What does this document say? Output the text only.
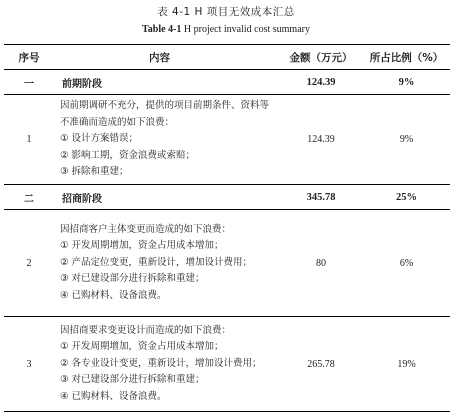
表 4-1 H 项目无效成本汇总
Table 4-1 H project invalid cost summary
序号	内容	金额（万元）	所占比例（%）
一	前期阶段	124.39	9%
1	因前期调研不充分，提供的项目前期条件、资料等不准确而造成的如下浪费：
① 设计方案错误；
② 影响工期，资金浪费或索赔；
③ 拆除和重建；	124.39	9%
二	招商阶段	345.78	25%
2	因招商客户主体变更而造成的如下浪费：
① 开发周期增加，资金占用成本增加；
② 产品定位变更，重新设计，增加设计费用；
③ 对已建设部分进行拆除和重建；
④ 已购材料、设备浪费。	80	6%
3	因招商要求变更设计而造成的如下浪费：
① 开发周期增加，资金占用成本增加；
② 各专业设计变更，重新设计，增加设计费用；
③ 对已建设部分进行拆除和重建；
④ 已购材料、设备浪费。	265.78	19%
